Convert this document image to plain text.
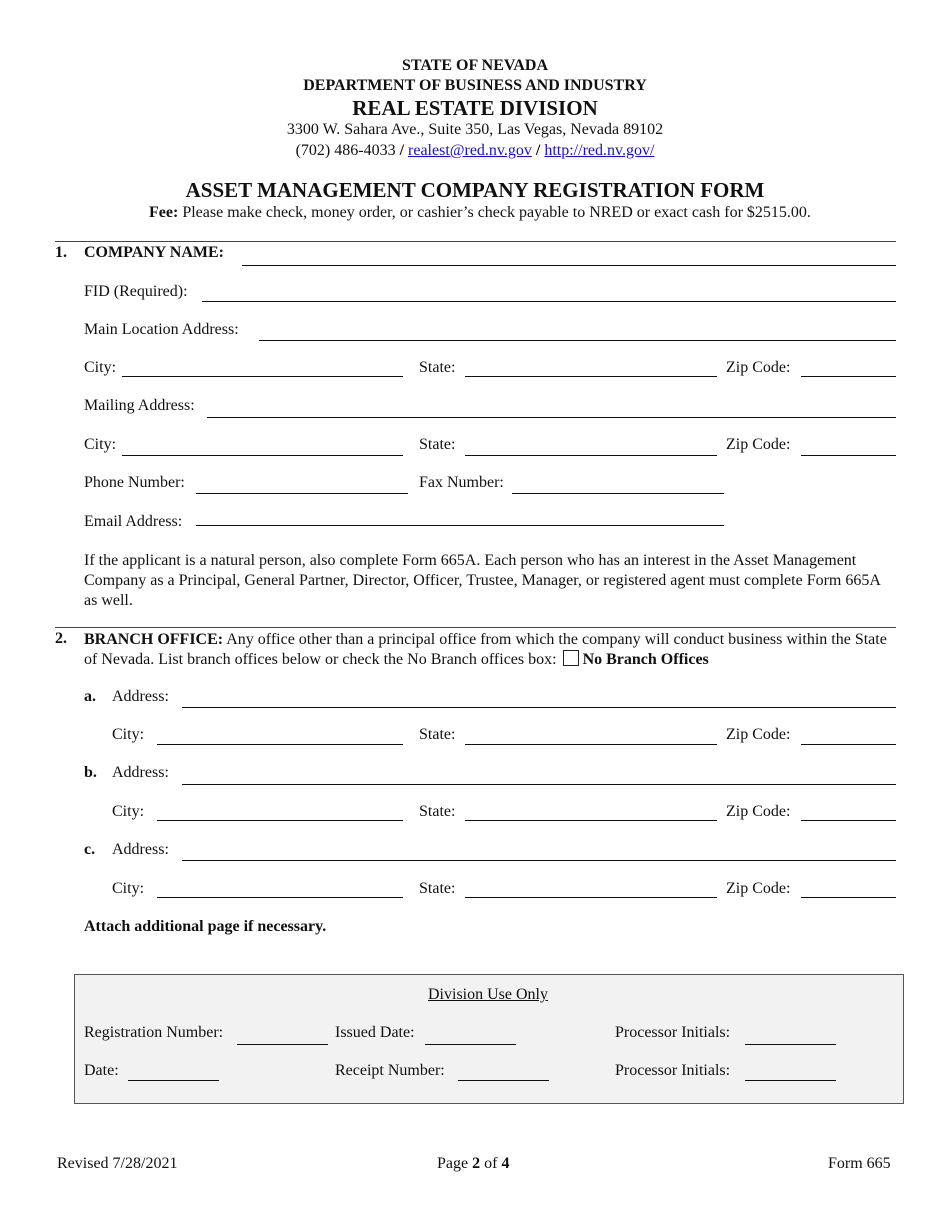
STATE OF NEVADA
DEPARTMENT OF BUSINESS AND INDUSTRY
REAL ESTATE DIVISION
3300 W. Sahara Ave., Suite 350, Las Vegas, Nevada 89102
(702) 486-4033 / realest@red.nv.gov / http://red.nv.gov/
ASSET MANAGEMENT COMPANY REGISTRATION FORM
Fee: Please make check, money order, or cashier’s check payable to NRED or exact cash for $2515.00.
1. COMPANY NAME:
FID (Required):
Main Location Address:
City:	State:	Zip Code:
Mailing Address:
City:	State:	Zip Code:
Phone Number:	Fax Number:
Email Address:
If the applicant is a natural person, also complete Form 665A. Each person who has an interest in the Asset Management Company as a Principal, General Partner, Director, Officer, Trustee, Manager, or registered agent must complete Form 665A as well.
2. BRANCH OFFICE: Any office other than a principal office from which the company will conduct business within the State of Nevada. List branch offices below or check the No Branch offices box: No Branch Offices
a. Address:
City:	State:	Zip Code:
b. Address:
City:	State:	Zip Code:
c. Address:
City:	State:	Zip Code:
Attach additional page if necessary.
Division Use Only
Registration Number:	Issued Date:	Processor Initials:
Date:	Receipt Number:	Processor Initials:
Revised 7/28/2021	Page 2 of 4	Form 665
